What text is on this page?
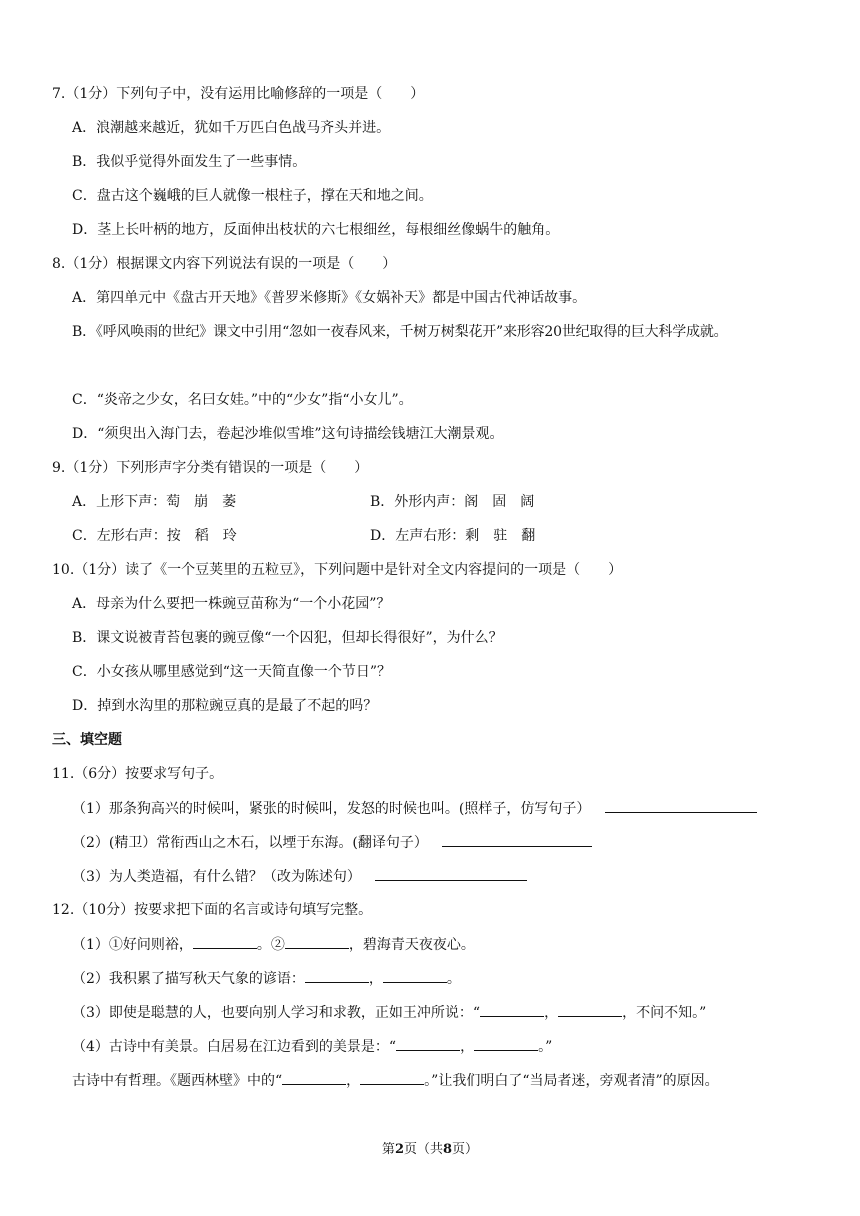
7.（1分）下列句子中，没有运用比喻修辞的一项是（　　）
A．浪潮越来越近，犹如千万匹白色战马齐头并进。
B．我似乎觉得外面发生了一些事情。
C．盘古这个巍峨的巨人就像一根柱子，撑在天和地之间。
D．茎上长叶柄的地方，反面伸出枝状的六七根细丝，每根细丝像蜗牛的触角。
8.（1分）根据课文内容下列说法有误的一项是（　　）
A．第四单元中《盘古开天地》《普罗米修斯》《女娲补天》都是中国古代神话故事。
B．《呼风唤雨的世纪》课文中引用“忽如一夜春风来，千树万树梨花开”来形容20世纪取得的巨大科学成就。
C．“炎帝之少女，名曰女娃。”中的“少女”指“小女儿”。
D．“须臾出入海门去，卷起沙堆似雪堆”这句诗描绘钱塘江大潮景观。
9.（1分）下列形声字分类有错误的一项是（　　）
A．上形下声：萄　崩　萎	B．外形内声：阁　固　阔
C．左形右声：按　稻　玲	D．左声右形：剩　驻　翻
10.（1分）读了《一个豆荚里的五粒豆》，下列问题中是针对全文内容提问的一项是（　　）
A．母亲为什么要把一株豌豆苗称为“一个小花园”？
B．课文说被青苔包裹的豌豆像“一个囚犯，但却长得很好”，为什么？
C．小女孩从哪里感觉到“这一天简直像一个节日”？
D．掉到水沟里的那粒豌豆真的是最了不起的吗？
三、填空题
11.（6分）按要求写句子。
（1）那条狗高兴的时候叫，紧张的时候叫，发怒的时候也叫。(照样子，仿写句子）
（2）(精卫）常衔西山之木石，以堙于东海。(翻译句子）
（3）为人类造福，有什么错？（改为陈述句）
12.（10分）按要求把下面的名言或诗句填写完整。
（1）①好问则裕，	。②	，碧海青天夜夜心。
（2）我积累了描写秋天气象的谚语：	，	。
（3）即使是聪慧的人，也要向别人学习和求教，正如王冲所说：“	，	，不问不知。”
（4）古诗中有美景。白居易在江边看到的美景是：“	，	。”
古诗中有哲理。《题西林壁》中的“	，	。”让我们明白了“当局者迷，旁观者清”的原因。
第2页（共8页）
